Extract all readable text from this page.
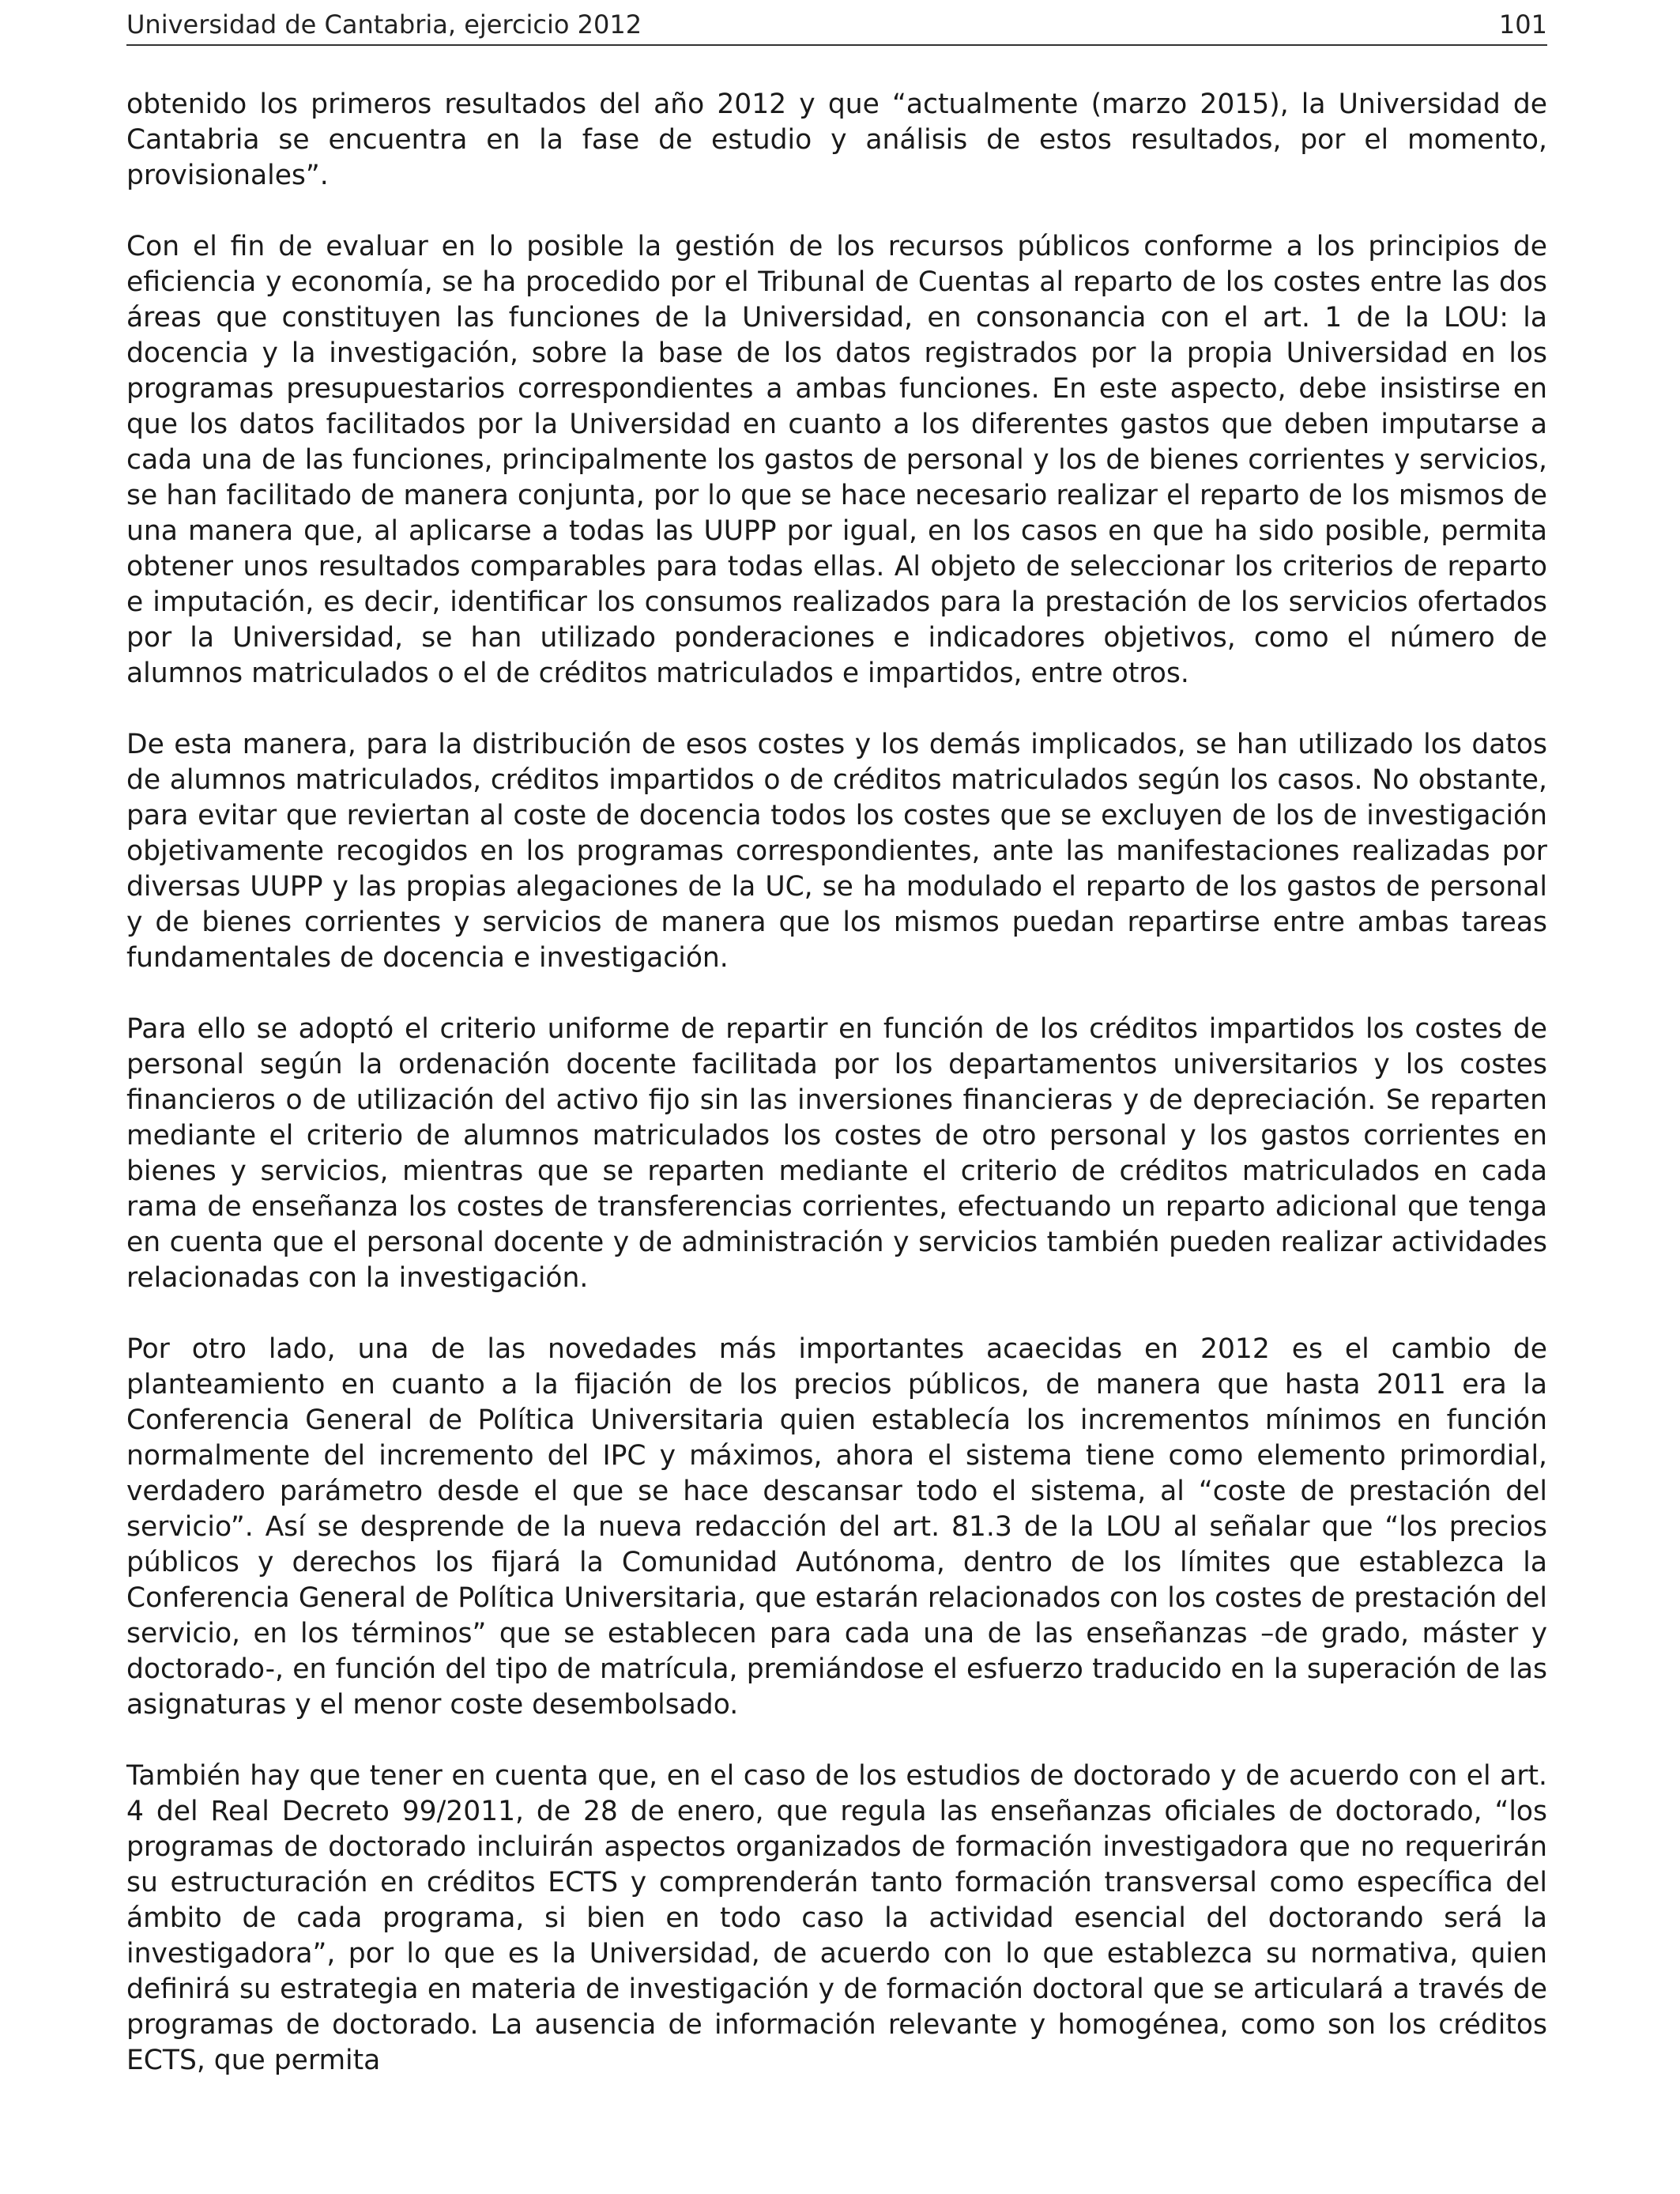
Universidad de Cantabria, ejercicio 2012	101

obtenido los primeros resultados del año 2012 y que “actualmente (marzo 2015), la Universidad de Cantabria se encuentra en la fase de estudio y análisis de estos resultados, por el momento, provisionales”.

Con el fin de evaluar en lo posible la gestión de los recursos públicos conforme a los principios de eficiencia y economía, se ha procedido por el Tribunal de Cuentas al reparto de los costes entre las dos áreas que constituyen las funciones de la Universidad, en consonancia con el art. 1 de la LOU: la docencia y la investigación, sobre la base de los datos registrados por la propia Universidad en los programas presupuestarios correspondientes a ambas funciones. En este aspecto, debe insistirse en que los datos facilitados por la Universidad en cuanto a los diferentes gastos que deben imputarse a cada una de las funciones, principalmente los gastos de personal y los de bienes corrientes y servicios, se han facilitado de manera conjunta, por lo que se hace necesario realizar el reparto de los mismos de una manera que, al aplicarse a todas las UUPP por igual, en los casos en que ha sido posible, permita obtener unos resultados comparables para todas ellas. Al objeto de seleccionar los criterios de reparto e imputación, es decir, identificar los consumos realizados para la prestación de los servicios ofertados por la Universidad, se han utilizado ponderaciones e indicadores objetivos, como el número de alumnos matriculados o el de créditos matriculados e impartidos, entre otros.

De esta manera, para la distribución de esos costes y los demás implicados, se han utilizado los datos de alumnos matriculados, créditos impartidos o de créditos matriculados según los casos. No obstante, para evitar que reviertan al coste de docencia todos los costes que se excluyen de los de investigación objetivamente recogidos en los programas correspondientes, ante las manifestaciones realizadas por diversas UUPP y las propias alegaciones de la UC, se ha modulado el reparto de los gastos de personal y de bienes corrientes y servicios de manera que los mismos puedan repartirse entre ambas tareas fundamentales de docencia e investigación.

Para ello se adoptó el criterio uniforme de repartir en función de los créditos impartidos los costes de personal según la ordenación docente facilitada por los departamentos universitarios y los costes financieros o de utilización del activo fijo sin las inversiones financieras y de depreciación. Se reparten mediante el criterio de alumnos matriculados los costes de otro personal y los gastos corrientes en bienes y servicios, mientras que se reparten mediante el criterio de créditos matriculados en cada rama de enseñanza los costes de transferencias corrientes, efectuando un reparto adicional que tenga en cuenta que el personal docente y de administración y servicios también pueden realizar actividades relacionadas con la investigación.

Por otro lado, una de las novedades más importantes acaecidas en 2012 es el cambio de planteamiento en cuanto a la fijación de los precios públicos, de manera que hasta 2011 era la Conferencia General de Política Universitaria quien establecía los incrementos mínimos en función normalmente del incremento del IPC y máximos, ahora el sistema tiene como elemento primordial, verdadero parámetro desde el que se hace descansar todo el sistema, al “coste de prestación del servicio”. Así se desprende de la nueva redacción del art. 81.3 de la LOU al señalar que “los precios públicos y derechos los fijará la Comunidad Autónoma, dentro de los límites que establezca la Conferencia General de Política Universitaria, que estarán relacionados con los costes de prestación del servicio, en los términos” que se establecen para cada una de las enseñanzas –de grado, máster y doctorado-, en función del tipo de matrícula, premiándose el esfuerzo traducido en la superación de las asignaturas y el menor coste desembolsado.

También hay que tener en cuenta que, en el caso de los estudios de doctorado y de acuerdo con el art. 4 del Real Decreto 99/2011, de 28 de enero, que regula las enseñanzas oficiales de doctorado, “los programas de doctorado incluirán aspectos organizados de formación investigadora que no requerirán su estructuración en créditos ECTS y comprenderán tanto formación transversal como específica del ámbito de cada programa, si bien en todo caso la actividad esencial del doctorando será la investigadora”, por lo que es la Universidad, de acuerdo con lo que establezca su normativa, quien definirá su estrategia en materia de investigación y de formación doctoral que se articulará a través de programas de doctorado. La ausencia de información relevante y homogénea, como son los créditos ECTS, que permita
